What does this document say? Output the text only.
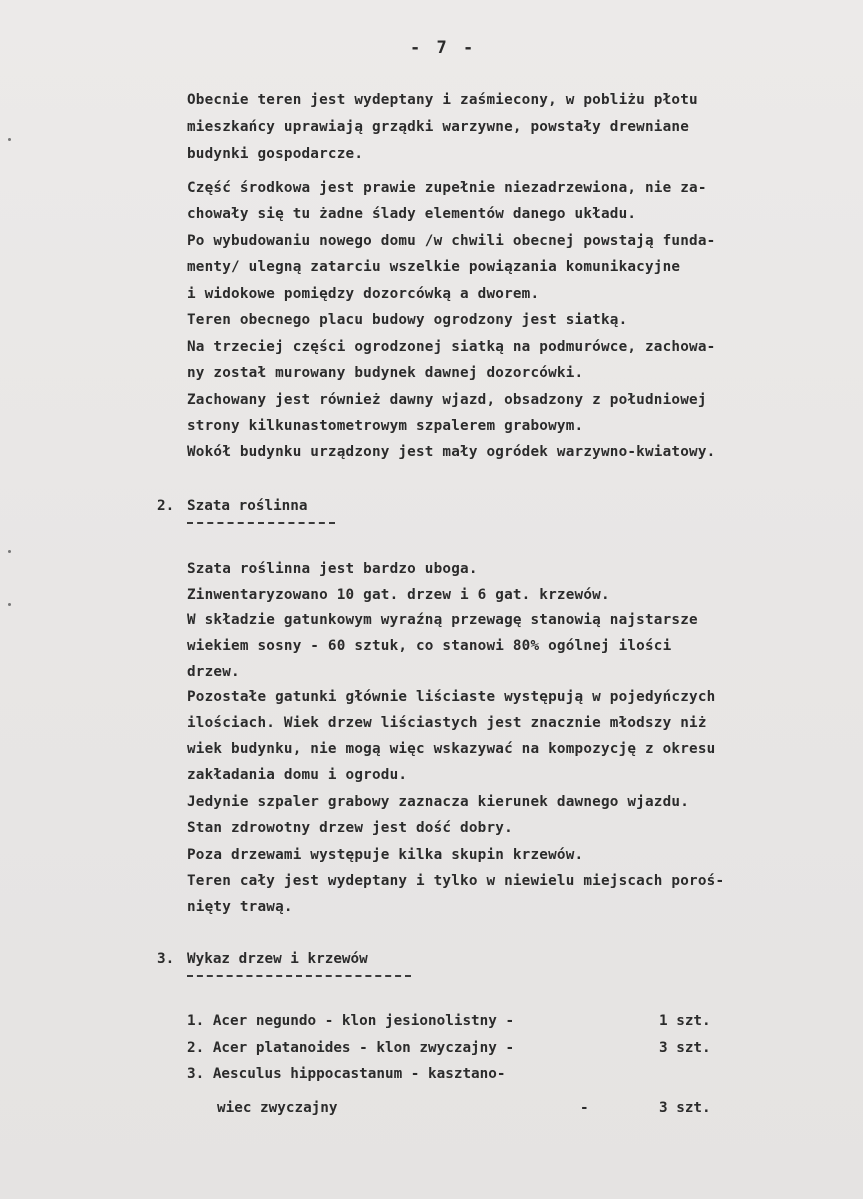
- 7 -
Obecnie teren jest wydeptany i zaśmiecony, w pobliżu płotu
mieszkańcy uprawiają grządki warzywne, powstały drewniane
budynki gospodarcze.
Część środkowa jest prawie zupełnie niezadrzewiona, nie za-
chowały się tu żadne ślady elementów danego układu.
Po wybudowaniu nowego domu /w chwili obecnej powstają funda-
menty/ ulegną zatarciu wszelkie powiązania komunikacyjne
i widokowe pomiędzy dozorcówką a dworem.
Teren obecnego placu budowy ogrodzony jest siatką.
Na trzeciej części ogrodzonej siatką na podmurówce, zachowa-
ny został murowany budynek dawnej dozorcówki.
Zachowany jest również dawny wjazd, obsadzony z południowej
strony kilkunastometrowym szpalerem grabowym.
Wokół budynku urządzony jest mały ogródek warzywno-kwiatowy.
2. Szata roślinna
Szata roślinna jest bardzo uboga.
Zinwentaryzowano 10 gat. drzew i 6 gat. krzewów.
W składzie gatunkowym wyraźną przewagę stanowią najstarsze
wiekiem sosny - 60 sztuk, co stanowi 80% ogólnej ilości
drzew.
Pozostałe gatunki głównie liściaste występują w pojedyńczych
ilościach. Wiek drzew liściastych jest znacznie młodszy niż
wiek budynku, nie mogą więc wskazywać na kompozycję z okresu
zakładania domu i ogrodu.
Jedynie szpaler grabowy zaznacza kierunek dawnego wjazdu.
Stan zdrowotny drzew jest dość dobry.
Poza drzewami występuje kilka skupin krzewów.
Teren cały jest wydeptany i tylko w niewielu miejscach poroś-
nięty trawą.
3. Wykaz drzew i krzewów
1. Acer negundo - klon jesionolistny -	1 szt.
2. Acer platanoides - klon zwyczajny -	3 szt.
3. Aesculus hippocastanum - kasztano-
wiec zwyczajny	-	3 szt.
